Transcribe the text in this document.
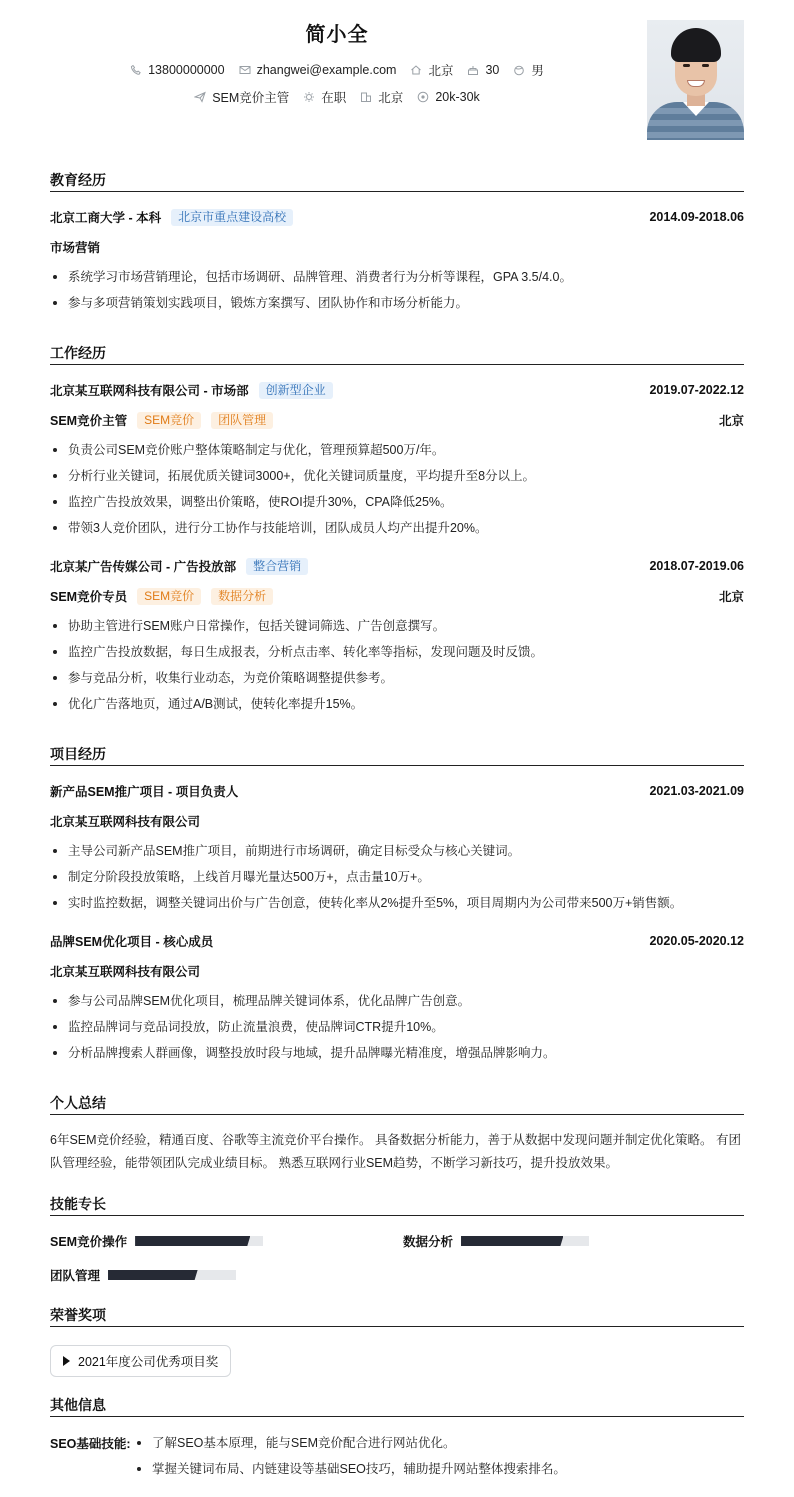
简小全
13800000000	zhangwei@example.com	北京	30	男
SEM竞价主管	在职	北京	20k-30k
教育经历
北京工商大学 - 本科	北京市重点建设高校	2014.09-2018.06
市场营销
系统学习市场营销理论，包括市场调研、品牌管理、消费者行为分析等课程，GPA 3.5/4.0。
参与多项营销策划实践项目，锻炼方案撰写、团队协作和市场分析能力。
工作经历
北京某互联网科技有限公司 - 市场部	创新型企业	2019.07-2022.12
SEM竞价主管	SEM竞价	团队管理	北京
负责公司SEM竞价账户整体策略制定与优化，管理预算超500万/年。
分析行业关键词，拓展优质关键词3000+，优化关键词质量度，平均提升至8分以上。
监控广告投放效果，调整出价策略，使ROI提升30%，CPA降低25%。
带领3人竞价团队，进行分工协作与技能培训，团队成员人均产出提升20%。
北京某广告传媒公司 - 广告投放部	整合营销	2018.07-2019.06
SEM竞价专员	SEM竞价	数据分析	北京
协助主管进行SEM账户日常操作，包括关键词筛选、广告创意撰写。
监控广告投放数据，每日生成报表，分析点击率、转化率等指标，发现问题及时反馈。
参与竞品分析，收集行业动态，为竞价策略调整提供参考。
优化广告落地页，通过A/B测试，使转化率提升15%。
项目经历
新产品SEM推广项目 - 项目负责人	2021.03-2021.09
北京某互联网科技有限公司
主导公司新产品SEM推广项目，前期进行市场调研，确定目标受众与核心关键词。
制定分阶段投放策略，上线首月曝光量达500万+，点击量10万+。
实时监控数据，调整关键词出价与广告创意，使转化率从2%提升至5%，项目周期内为公司带来500万+销售额。
品牌SEM优化项目 - 核心成员	2020.05-2020.12
北京某互联网科技有限公司
参与公司品牌SEM优化项目，梳理品牌关键词体系，优化品牌广告创意。
监控品牌词与竞品词投放，防止流量浪费，使品牌词CTR提升10%。
分析品牌搜索人群画像，调整投放时段与地域，提升品牌曝光精准度，增强品牌影响力。
个人总结
6年SEM竞价经验，精通百度、谷歌等主流竞价平台操作。 具备数据分析能力，善于从数据中发现问题并制定优化策略。 有团队管理经验，能带领团队完成业绩目标。 熟悉互联网行业SEM趋势，不断学习新技巧，提升投放效果。
技能专长
SEM竞价操作	数据分析
团队管理
荣誉奖项
2021年度公司优秀项目奖
其他信息
SEO基础技能:	了解SEO基本原理，能与SEM竞价配合进行网站优化。
掌握关键词布局、内链建设等基础SEO技巧，辅助提升网站整体搜索排名。
